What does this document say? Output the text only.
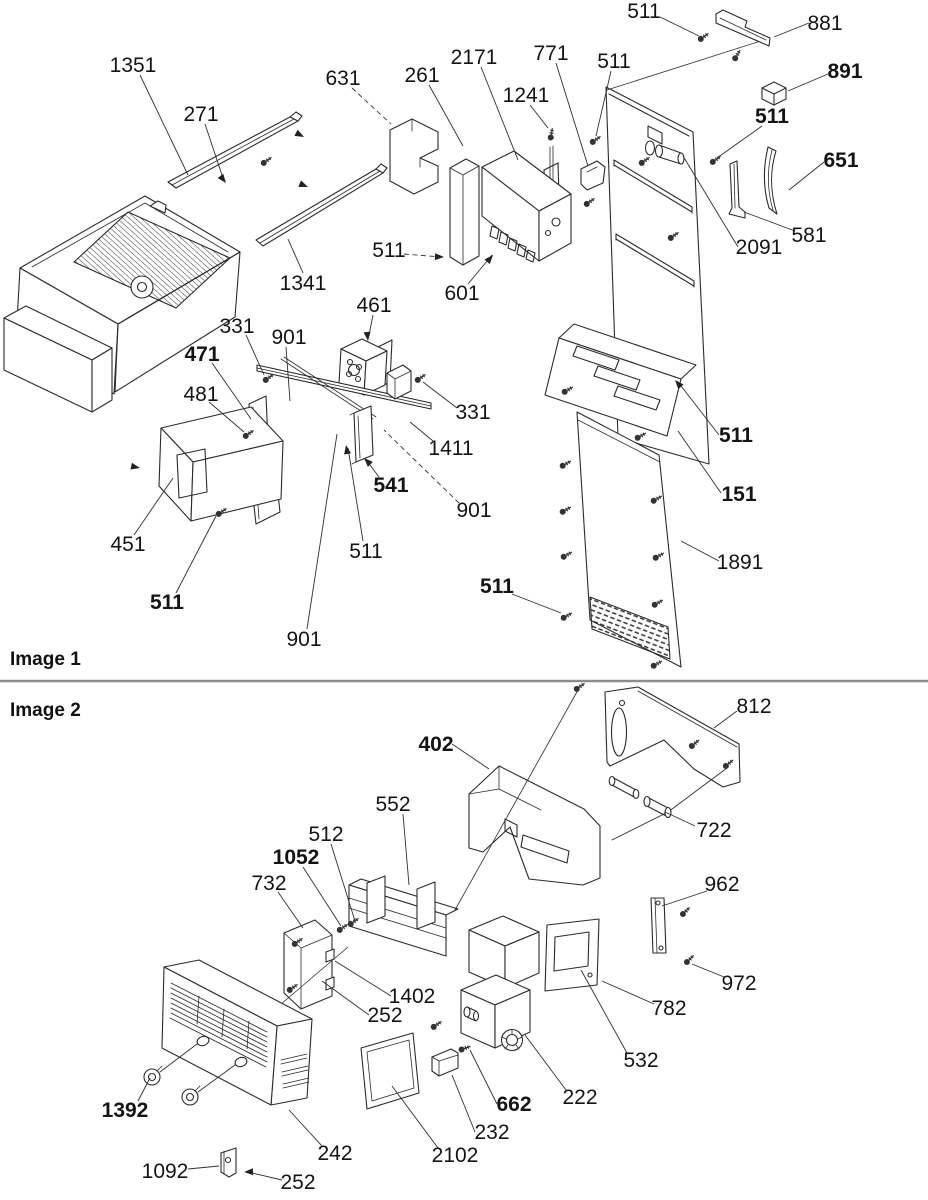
511
881
891
771 511
2171
1241
631 261
1351
271	511
651
581
2091
511
1341	601
461
331 901
471
481
331
1411
541
901
451	511
511
901
511
511
151
1891
812
402
722
552
512
1052
732	962
972
1402
252	782
532
222
662
232
2102
242
1392
1092	252
Image 1
Image 2
